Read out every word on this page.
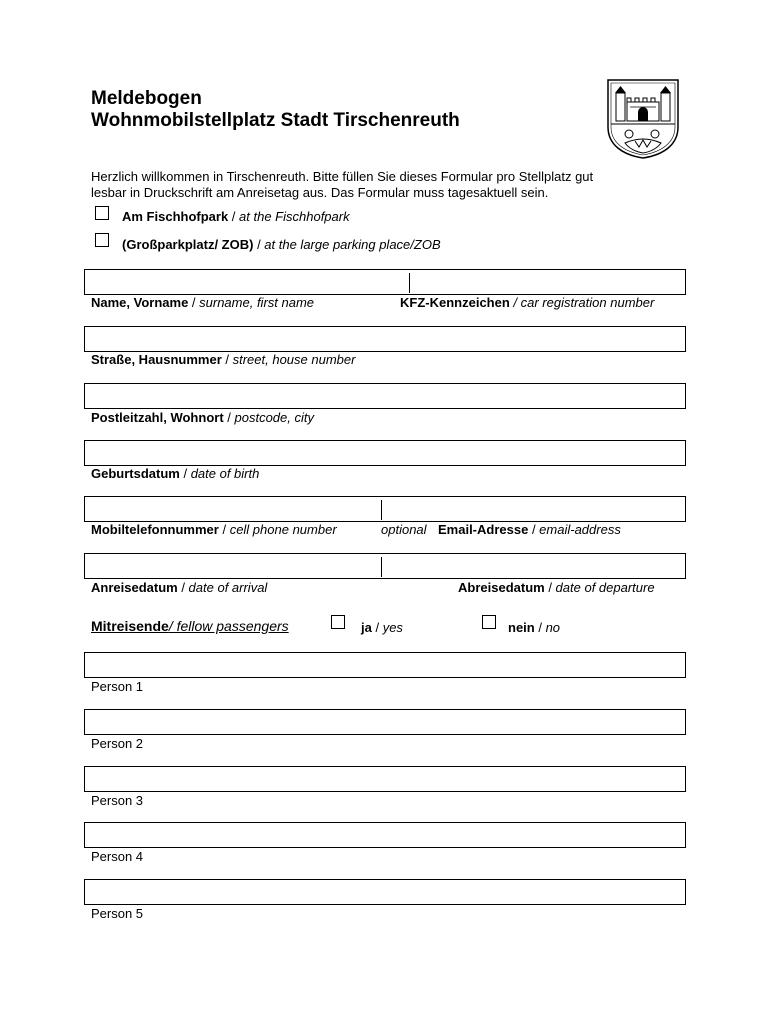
Meldebogen
Wohnmobilstellplatz Stadt Tirschenreuth
Herzlich willkommen in Tirschenreuth. Bitte füllen Sie dieses Formular pro Stellplatz gut
lesbar in Druckschrift am Anreisetag aus. Das Formular muss tagesaktuell sein.
Am Fischhofpark / at the Fischhofpark
(Großparkplatz/ ZOB) / at the large parking place/ZOB
Name, Vorname / surname, first name	KFZ-Kennzeichen / car registration number
Straße, Hausnummer / street, house number
Postleitzahl, Wohnort / postcode, city
Geburtsdatum / date of birth
Mobiltelefonnummer / cell phone number	optional Email-Adresse / email-address
Anreisedatum / date of arrival	Abreisedatum / date of departure
Mitreisende/ fellow passengers	ja / yes	nein / no
Person 1
Person 2
Person 3
Person 4
Person 5
